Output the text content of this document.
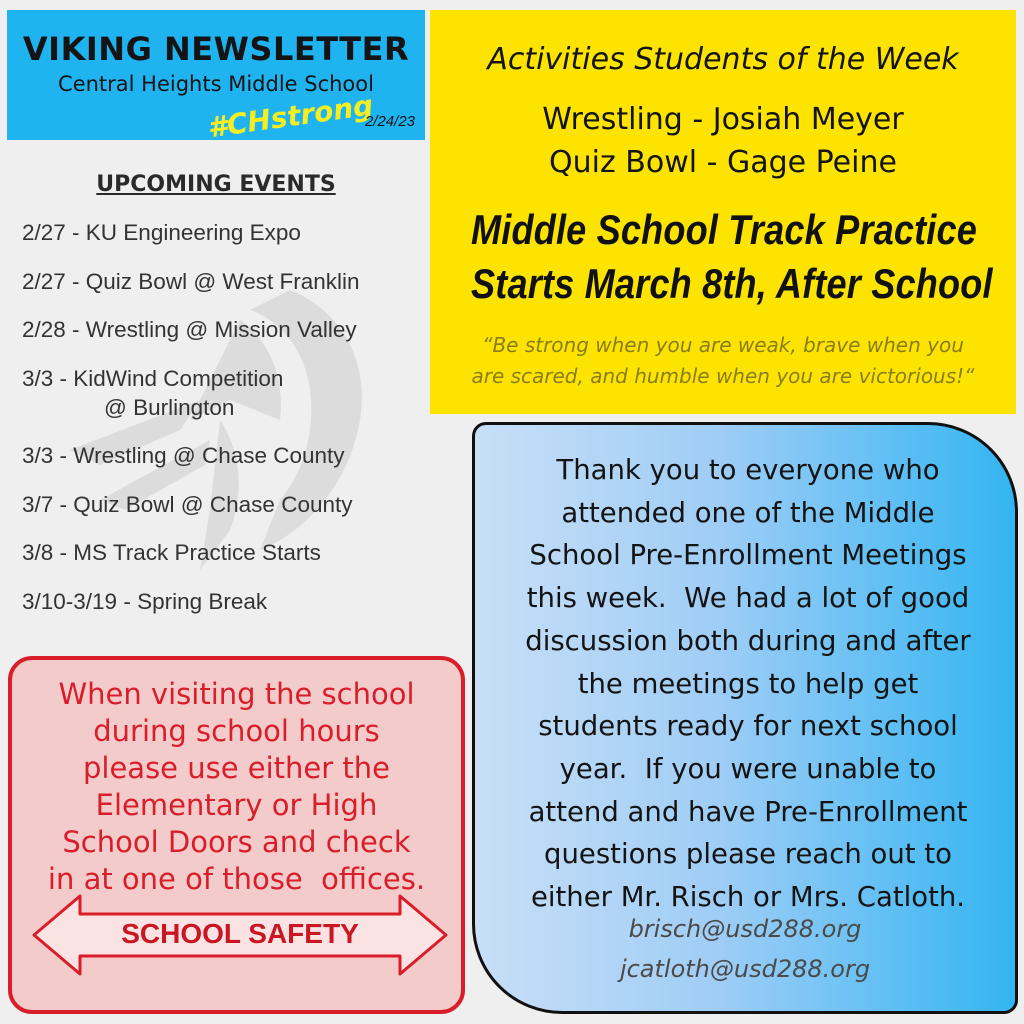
VIKING NEWSLETTER
Central Heights Middle School
#CHstrong
2/24/23
UPCOMING EVENTS
2/27 - KU Engineering Expo
2/27 - Quiz Bowl @ West Franklin
2/28 - Wrestling @ Mission Valley
3/3 - KidWind Competition
@ Burlington
3/3 - Wrestling @ Chase County
3/7 - Quiz Bowl @ Chase County
3/8 - MS Track Practice Starts
3/10-3/19 - Spring Break
Activities Students of the Week
Wrestling - Josiah Meyer
Quiz Bowl - Gage Peine
Middle School Track Practice
Starts March 8th, After School
“Be strong when you are weak, brave when you
are scared, and humble when you are victorious!“
Thank you to everyone who
attended one of the Middle
School Pre-Enrollment Meetings
this week.  We had a lot of good
discussion both during and after
the meetings to help get
students ready for next school
year.  If you were unable to
attend and have Pre-Enrollment
questions please reach out to
either Mr. Risch or Mrs. Catloth.
brisch@usd288.org
jcatloth@usd288.org
When visiting the school
during school hours
please use either the
Elementary or High
School Doors and check
in at one of those  offices.
SCHOOL SAFETY
